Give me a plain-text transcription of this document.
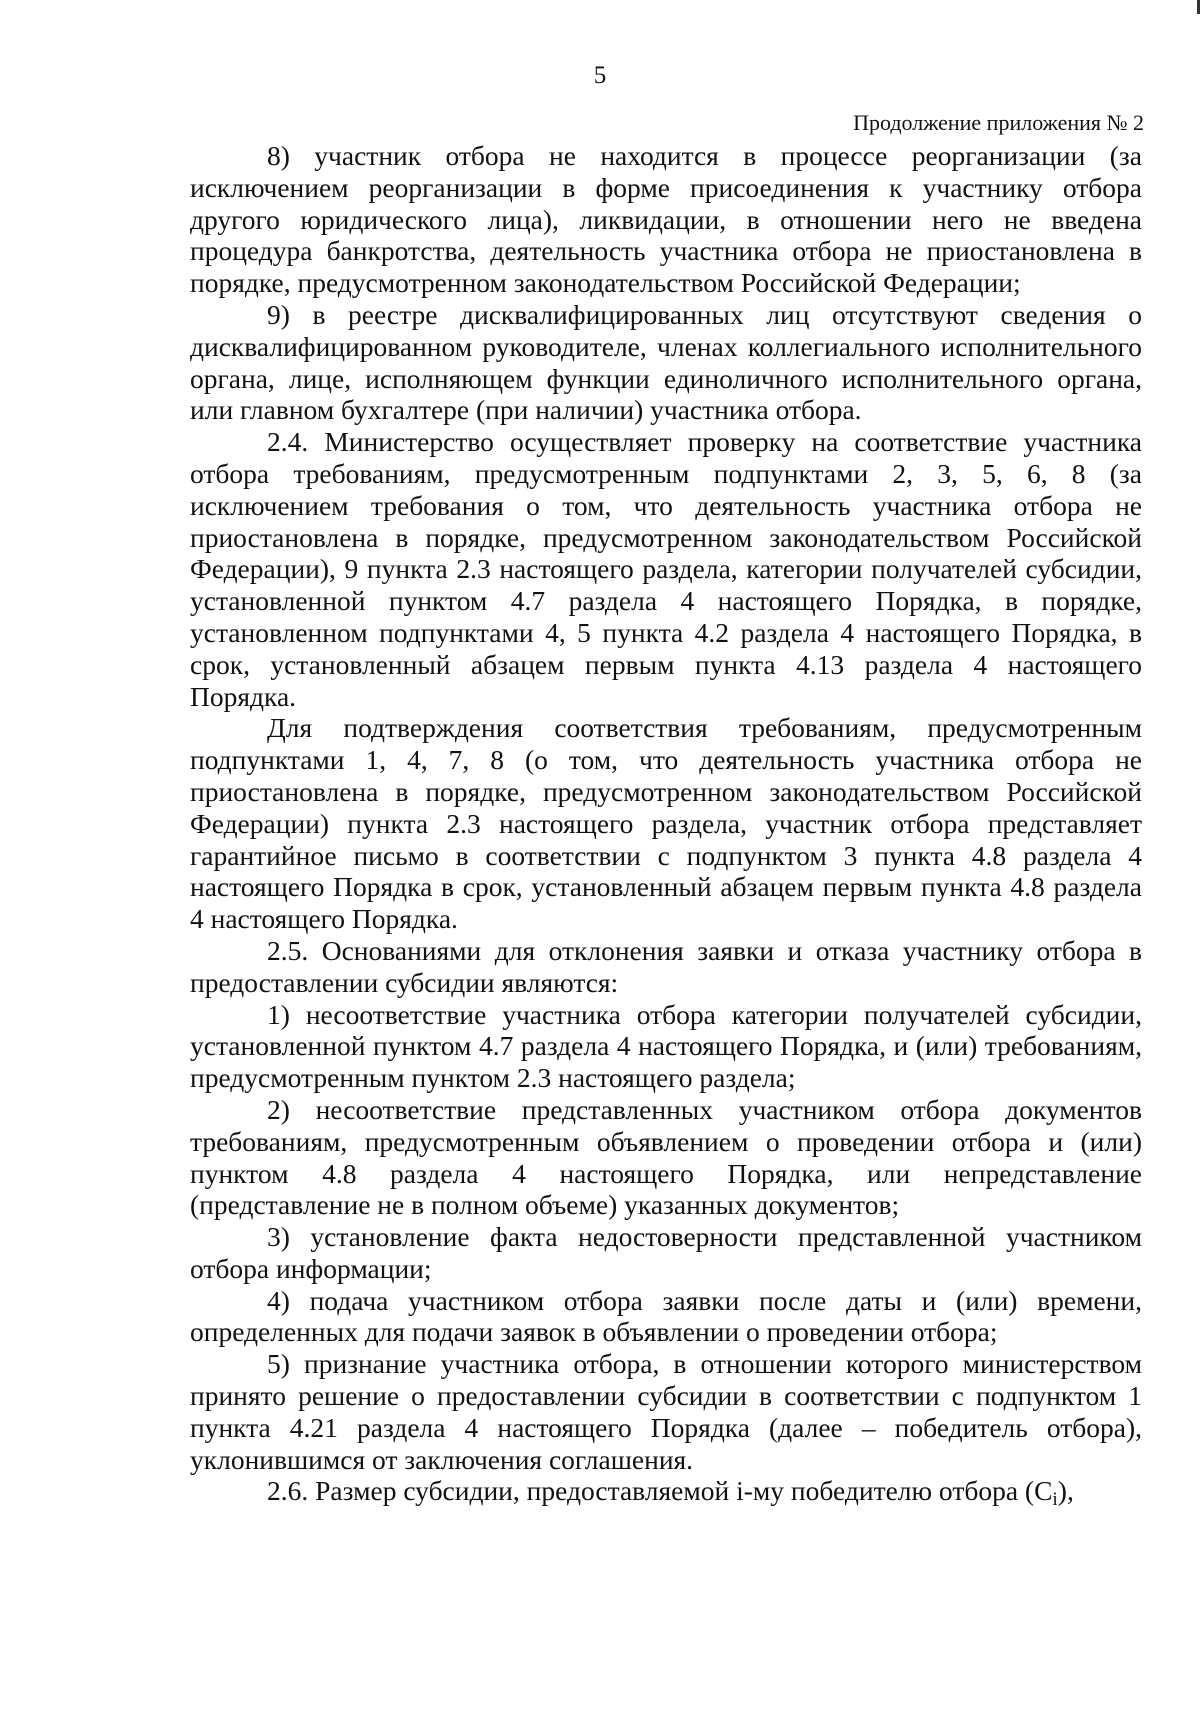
5
Продолжение приложения № 2

8) участник отбора не находится в процессе реорганизации (за исключением реорганизации в форме присоединения к участнику отбора другого юридического лица), ликвидации, в отношении него не введена процедура банкротства, деятельность участника отбора не приостановлена в порядке, предусмотренном законодательством Российской Федерации;

9) в реестре дисквалифицированных лиц отсутствуют сведения о дисквалифицированном руководителе, членах коллегиального исполнительного органа, лице, исполняющем функции единоличного исполнительного органа, или главном бухгалтере (при наличии) участника отбора.

2.4. Министерство осуществляет проверку на соответствие участника отбора требованиям, предусмотренным подпунктами 2, 3, 5, 6, 8 (за исключением требования о том, что деятельность участника отбора не приостановлена в порядке, предусмотренном законодательством Российской Федерации), 9 пункта 2.3 настоящего раздела, категории получателей субсидии, установленной пунктом 4.7 раздела 4 настоящего Порядка, в порядке, установленном подпунктами 4, 5 пункта 4.2 раздела 4 настоящего Порядка, в срок, установленный абзацем первым пункта 4.13 раздела 4 настоящего Порядка.

Для подтверждения соответствия требованиям, предусмотренным подпунктами 1, 4, 7, 8 (о том, что деятельность участника отбора не приостановлена в порядке, предусмотренном законодательством Российской Федерации) пункта 2.3 настоящего раздела, участник отбора представляет гарантийное письмо в соответствии с подпунктом 3 пункта 4.8 раздела 4 настоящего Порядка в срок, установленный абзацем первым пункта 4.8 раздела 4 настоящего Порядка.

2.5. Основаниями для отклонения заявки и отказа участнику отбора в предоставлении субсидии являются:

1) несоответствие участника отбора категории получателей субсидии, установленной пунктом 4.7 раздела 4 настоящего Порядка, и (или) требованиям, предусмотренным пунктом 2.3 настоящего раздела;

2) несоответствие представленных участником отбора документов требованиям, предусмотренным объявлением о проведении отбора и (или) пунктом 4.8 раздела 4 настоящего Порядка, или непредставление (представление не в полном объеме) указанных документов;

3) установление факта недостоверности представленной участником отбора информации;

4) подача участником отбора заявки после даты и (или) времени, определенных для подачи заявок в объявлении о проведении отбора;

5) признание участника отбора, в отношении которого министерством принято решение о предоставлении субсидии в соответствии с подпунктом 1 пункта 4.21 раздела 4 настоящего Порядка (далее – победитель отбора), уклонившимся от заключения соглашения.

2.6. Размер субсидии, предоставляемой i-му победителю отбора $(C_i)$,
